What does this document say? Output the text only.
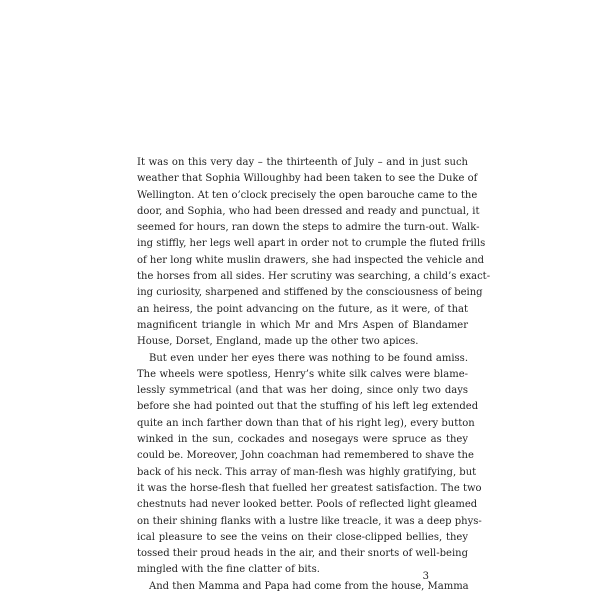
It was on this very day – the thirteenth of July – and in just such
weather that Sophia Willoughby had been taken to see the Duke of
Wellington. At ten o’clock precisely the open barouche came to the
door, and Sophia, who had been dressed and ready and punctual, it
seemed for hours, ran down the steps to admire the turn-out. Walk-
ing stiffly, her legs well apart in order not to crumple the fluted frills
of her long white muslin drawers, she had inspected the vehicle and
the horses from all sides. Her scrutiny was searching, a child’s exact-
ing curiosity, sharpened and stiffened by the consciousness of being
an heiress, the point advancing on the future, as it were, of that
magnificent triangle in which Mr and Mrs Aspen of Blandamer
House, Dorset, England, made up the other two apices.
But even under her eyes there was nothing to be found amiss.
The wheels were spotless, Henry’s white silk calves were blame-
lessly symmetrical (and that was her doing, since only two days
before she had pointed out that the stuffing of his left leg extended
quite an inch farther down than that of his right leg), every button
winked in the sun, cockades and nosegays were spruce as they
could be. Moreover, John coachman had remembered to shave the
back of his neck. This array of man-flesh was highly gratifying, but
it was the horse-flesh that fuelled her greatest satisfaction. The two
chestnuts had never looked better. Pools of reflected light gleamed
on their shining flanks with a lustre like treacle, it was a deep phys-
ical pleasure to see the veins on their close-clipped bellies, they
tossed their proud heads in the air, and their snorts of well-being
mingled with the fine clatter of bits.
And then Mamma and Papa had come from the house, Mamma
3
